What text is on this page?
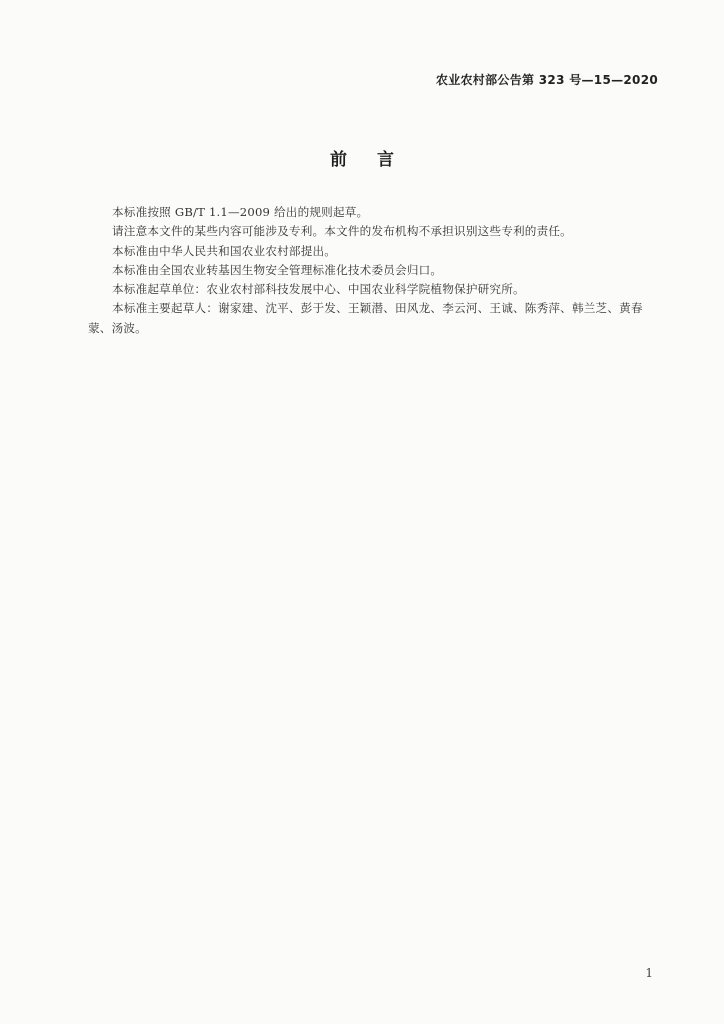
农业农村部公告第 323 号—15—2020
前言

本标准按照 GB/T 1.1—2009 给出的规则起草。

请注意本文件的某些内容可能涉及专利。本文件的发布机构不承担识别这些专利的责任。

本标准由中华人民共和国农业农村部提出。

本标准由全国农业转基因生物安全管理标准化技术委员会归口。

本标准起草单位：农业农村部科技发展中心、中国农业科学院植物保护研究所。

本标准主要起草人：谢家建、沈平、彭于发、王颖潜、田风龙、李云河、王诚、陈秀萍、韩兰芝、黄春蒙、汤波。

1
